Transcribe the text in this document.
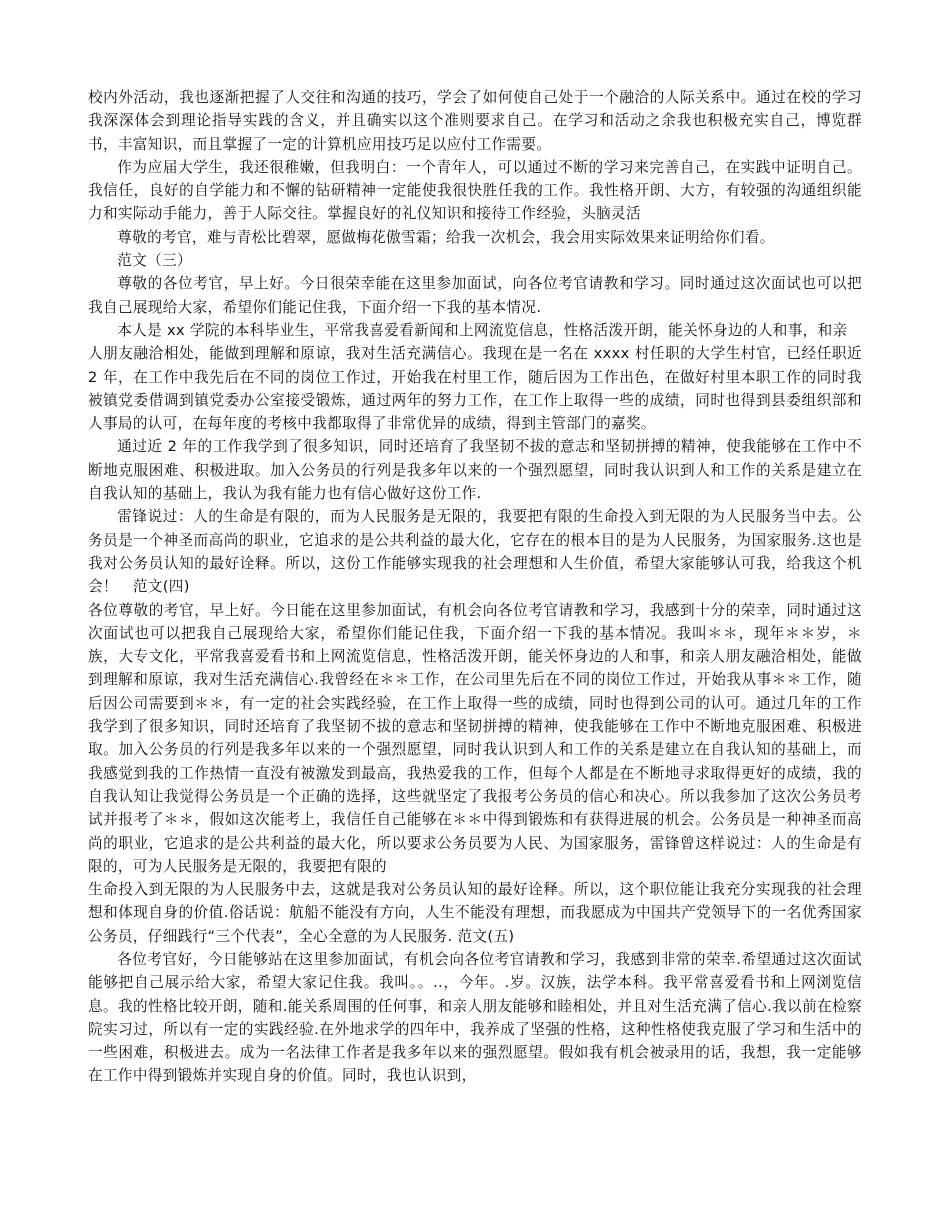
校内外活动，我也逐渐把握了人交往和沟通的技巧，学会了如何使自己处于一个融洽的人际关系中。通过在校的学习我深深体会到理论指导实践的含义，并且确实以这个准则要求自己。在学习和活动之余我也积极充实自己，博览群书，丰富知识，而且掌握了一定的计算机应用技巧足以应付工作需要。

作为应届大学生，我还很稚嫩，但我明白：一个青年人，可以通过不断的学习来完善自己，在实践中证明自己。我信任，良好的自学能力和不懈的钻研精神一定能使我很快胜任我的工作。我性格开朗、大方，有较强的沟通组织能力和实际动手能力，善于人际交往。掌握良好的礼仪知识和接待工作经验，头脑灵活

尊敬的考官，难与青松比碧翠，愿做梅花傲雪霜；给我一次机会，我会用实际效果来证明给你们看。

范文（三）

尊敬的各位考官，早上好。今日很荣幸能在这里参加面试，向各位考官请教和学习。同时通过这次面试也可以把我自己展现给大家，希望你们能记住我，下面介绍一下我的基本情况.

本人是 xx 学院的本科毕业生，平常我喜爱看新闻和上网流览信息，性格活泼开朗，能关怀身边的人和事，和亲

人朋友融洽相处，能做到理解和原谅，我对生活充满信心。我现在是一名在 xxxx 村任职的大学生村官，已经任职近 2 年，在工作中我先后在不同的岗位工作过，开始我在村里工作，随后因为工作出色，在做好村里本职工作的同时我被镇党委借调到镇党委办公室接受锻炼，通过两年的努力工作，在工作上取得一些的成绩，同时也得到县委组织部和人事局的认可，在每年度的考核中我都取得了非常优异的成绩，得到主管部门的嘉奖。

通过近 2 年的工作我学到了很多知识，同时还培育了我坚韧不拔的意志和坚韧拼搏的精神，使我能够在工作中不断地克服困难、积极进取。加入公务员的行列是我多年以来的一个强烈愿望，同时我认识到人和工作的关系是建立在自我认知的基础上，我认为我有能力也有信心做好这份工作.

雷锋说过：人的生命是有限的，而为人民服务是无限的，我要把有限的生命投入到无限的为人民服务当中去。公务员是一个神圣而高尚的职业，它追求的是公共利益的最大化，它存在的根本目的是为人民服务，为国家服务.这也是我对公务员认知的最好诠释。所以，这份工作能够实现我的社会理想和人生价值，希望大家能够认可我，给我这个机会！　范文(四)

各位尊敬的考官，早上好。今日能在这里参加面试，有机会向各位考官请教和学习，我感到十分的荣幸，同时通过这次面试也可以把我自己展现给大家，希望你们能记住我，下面介绍一下我的基本情况。我叫＊＊，现年＊＊岁，＊族，大专文化，平常我喜爱看书和上网流览信息，性格活泼开朗，能关怀身边的人和事，和亲人朋友融洽相处，能做到理解和原谅，我对生活充满信心.我曾经在＊＊工作，在公司里先后在不同的岗位工作过，开始我从事＊＊工作，随后因公司需要到＊＊，有一定的社会实践经验，在工作上取得一些的成绩，同时也得到公司的认可。通过几年的工作我学到了很多知识，同时还培育了我坚韧不拔的意志和坚韧拼搏的精神，使我能够在工作中不断地克服困难、积极进取。加入公务员的行列是我多年以来的一个强烈愿望，同时我认识到人和工作的关系是建立在自我认知的基础上，而我感觉到我的工作热情一直没有被激发到最高，我热爱我的工作，但每个人都是在不断地寻求取得更好的成绩，我的自我认知让我觉得公务员是一个正确的选择，这些就坚定了我报考公务员的信心和决心。所以我参加了这次公务员考试并报考了＊＊，假如这次能考上，我信任自己能够在＊＊中得到锻炼和有获得进展的机会。公务员是一种神圣而高尚的职业，它追求的是公共利益的最大化，所以要求公务员要为人民、为国家服务，雷锋曾这样说过：人的生命是有限的，可为人民服务是无限的，我要把有限的

生命投入到无限的为人民服务中去，这就是我对公务员认知的最好诠释。所以，这个职位能让我充分实现我的社会理想和体现自身的价值.俗话说：航船不能没有方向，人生不能没有理想，而我愿成为中国共产党领导下的一名优秀国家公务员，仔细践行“三个代表”，全心全意的为人民服务. 范文(五)

各位考官好，今日能够站在这里参加面试，有机会向各位考官请教和学习，我感到非常的荣幸.希望通过这次面试能够把自己展示给大家，希望大家记住我。我叫。。..，今年。.岁。汉族，法学本科。我平常喜爱看书和上网浏览信息。我的性格比较开朗，随和.能关系周围的任何事，和亲人朋友能够和睦相处，并且对生活充满了信心.我以前在检察院实习过，所以有一定的实践经验.在外地求学的四年中，我养成了坚强的性格，这种性格使我克服了学习和生活中的一些困难，积极进去。成为一名法律工作者是我多年以来的强烈愿望。假如我有机会被录用的话，我想，我一定能够在工作中得到锻炼并实现自身的价值。同时，我也认识到，
